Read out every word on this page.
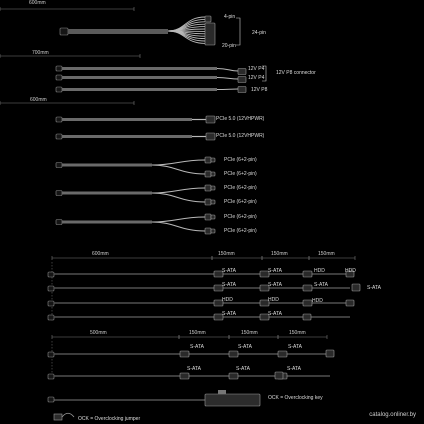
600mm
4-pin
24-pin
20-pin
700mm
12V P4
12V P4
12V P8
12V P8 connector
600mm
PCIe 5.0 (12VHPWR)
PCIe 5.0 (12VHPWR)
PCIe (6+2-pin)
PCIe (6+2-pin)
PCIe (6+2-pin)
PCIe (6+2-pin)
PCIe (6+2-pin)
PCIe (6+2-pin)
600mm	150mm	150mm	150mm
S-ATA	S-ATA	HDD	HDD
S-ATA	S-ATA	S-ATA	S-ATA
HDD	HDD	HDD
S-ATA	S-ATA
500mm	150mm	150mm	150mm
S-ATA	S-ATA	S-ATA
S-ATA	S-ATA	S-ATA
OCK = Overclocking key
OCK = Overclocking jumper
catalog.onliner.by
